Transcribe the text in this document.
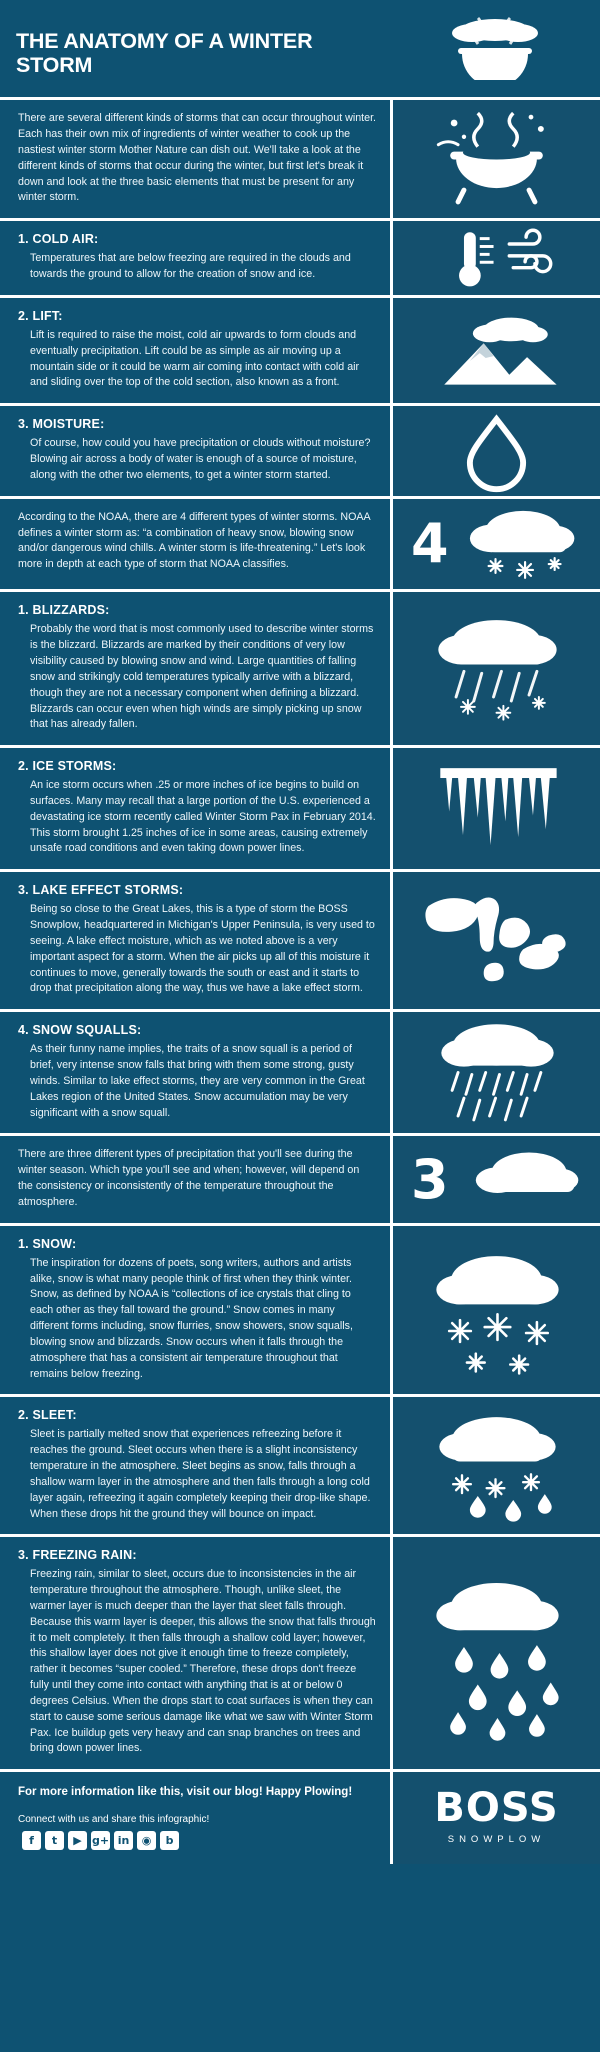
THE ANATOMY OF A WINTER STORM

There are several different kinds of storms that can occur throughout winter. Each has their own mix of ingredients of winter weather to cook up the nastiest winter storm Mother Nature can dish out. We'll take a look at the different kinds of storms that occur during the winter, but first let's break it down and look at the three basic elements that must be present for any winter storm.

1. COLD AIR:

Temperatures that are below freezing are required in the clouds and towards the ground to allow for the creation of snow and ice.

2. LIFT:

Lift is required to raise the moist, cold air upwards to form clouds and eventually precipitation. Lift could be as simple as air moving up a mountain side or it could be warm air coming into contact with cold air and sliding over the top of the cold section, also known as a front.

3. MOISTURE:

Of course, how could you have precipitation or clouds without moisture? Blowing air across a body of water is enough of a source of moisture, along with the other two elements, to get a winter storm started.

According to the NOAA, there are 4 different types of winter storms. NOAA defines a winter storm as: “a combination of heavy snow, blowing snow and/or dangerous wind chills. A winter storm is life-threatening.” Let's look more in depth at each type of storm that NOAA classifies.	4
1. BLIZZARDS:

Probably the word that is most commonly used to describe winter storms is the blizzard. Blizzards are marked by their conditions of very low visibility caused by blowing snow and wind. Large quantities of falling snow and strikingly cold temperatures typically arrive with a blizzard, though they are not a necessary component when defining a blizzard. Blizzards can occur even when high winds are simply picking up snow that has already fallen.

2. ICE STORMS:

An ice storm occurs when .25 or more inches of ice begins to build on surfaces. Many may recall that a large portion of the U.S. experienced a devastating ice storm recently called Winter Storm Pax in February 2014. This storm brought 1.25 inches of ice in some areas, causing extremely unsafe road conditions and even taking down power lines.

3. LAKE EFFECT STORMS:

Being so close to the Great Lakes, this is a type of storm the BOSS Snowplow, headquartered in Michigan's Upper Peninsula, is very used to seeing. A lake effect moisture, which as we noted above is a very important aspect for a storm. When the air picks up all of this moisture it continues to move, generally towards the south or east and it starts to drop that precipitation along the way, thus we have a lake effect storm.

4. SNOW SQUALLS:

As their funny name implies, the traits of a snow squall is a period of brief, very intense snow falls that bring with them some strong, gusty winds. Similar to lake effect storms, they are very common in the Great Lakes region of the United States. Snow accumulation may be very significant with a snow squall.

There are three different types of precipitation that you'll see during the winter season. Which type you'll see and when; however, will depend on the consistency or inconsistently of the temperature throughout the atmosphere.	3
1. SNOW:

The inspiration for dozens of poets, song writers, authors and artists alike, snow is what many people think of first when they think winter. Snow, as defined by NOAA is “collections of ice crystals that cling to each other as they fall toward the ground.” Snow comes in many different forms including, snow flurries, snow showers, snow squalls, blowing snow and blizzards. Snow occurs when it falls through the atmosphere that has a consistent air temperature throughout that remains below freezing.

2. SLEET:

Sleet is partially melted snow that experiences refreezing before it reaches the ground. Sleet occurs when there is a slight inconsistency temperature in the atmosphere. Sleet begins as snow, falls through a shallow warm layer in the atmosphere and then falls through a long cold layer again, refreezing it again completely keeping their drop-like shape. When these drops hit the ground they will bounce on impact.

3. FREEZING RAIN:

Freezing rain, similar to sleet, occurs due to inconsistencies in the air temperature throughout the atmosphere. Though, unlike sleet, the warmer layer is much deeper than the layer that sleet falls through. Because this warm layer is deeper, this allows the snow that falls through it to melt completely. It then falls through a shallow cold layer; however, this shallow layer does not give it enough time to freeze completely, rather it becomes “super cooled.” Therefore, these drops don't freeze fully until they come into contact with anything that is at or below 0 degrees Celsius. When the drops start to coat surfaces is when they can start to cause some serious damage like what we saw with Winter Storm Pax. Ice buildup gets very heavy and can snap branches on trees and bring down power lines.

For more information like this, visit our blog! Happy Plowing!
Connect with us and share this infographic!
f	t	▶ g+ in	◉	b
BOSS
SNOWPLOW
